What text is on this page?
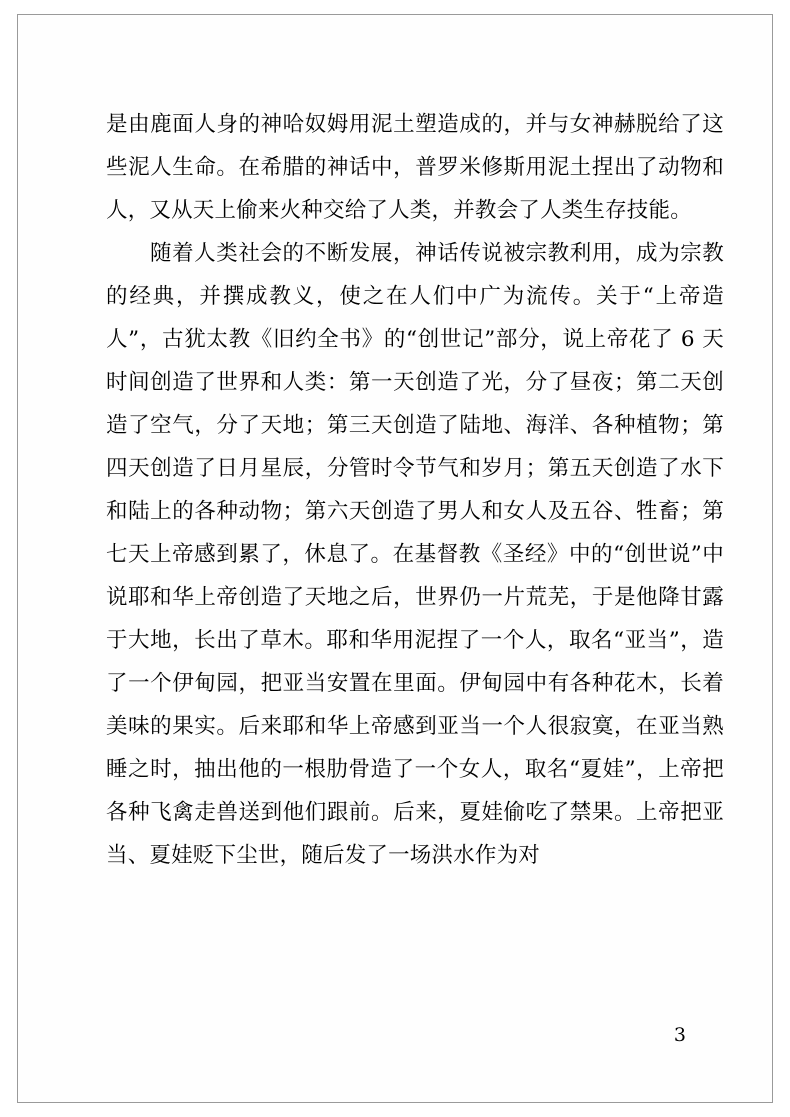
是由鹿面人身的神哈奴姆用泥土塑造成的，并与女神赫脱给了这些泥人生命。在希腊的神话中，普罗米修斯用泥土捏出了动物和人，又从天上偷来火种交给了人类，并教会了人类生存技能。

随着人类社会的不断发展，神话传说被宗教利用，成为宗教的经典，并撰成教义，使之在人们中广为流传。关于“上帝造人”，古犹太教《旧约全书》的“创世记”部分，说上帝花了 6 天时间创造了世界和人类：第一天创造了光，分了昼夜；第二天创造了空气，分了天地；第三天创造了陆地、海洋、各种植物；第四天创造了日月星辰，分管时令节气和岁月；第五天创造了水下和陆上的各种动物；第六天创造了男人和女人及五谷、牲畜；第七天上帝感到累了，休息了。在基督教《圣经》中的“创世说”中说耶和华上帝创造了天地之后，世界仍一片荒芜，于是他降甘露于大地，长出了草木。耶和华用泥捏了一个人，取名“亚当”，造了一个伊甸园，把亚当安置在里面。伊甸园中有各种花木，长着美味的果实。后来耶和华上帝感到亚当一个人很寂寞，在亚当熟睡之时，抽出他的一根肋骨造了一个女人，取名“夏娃”，上帝把各种飞禽走兽送到他们跟前。后来，夏娃偷吃了禁果。上帝把亚当、夏娃贬下尘世，随后发了一场洪水作为对

3
